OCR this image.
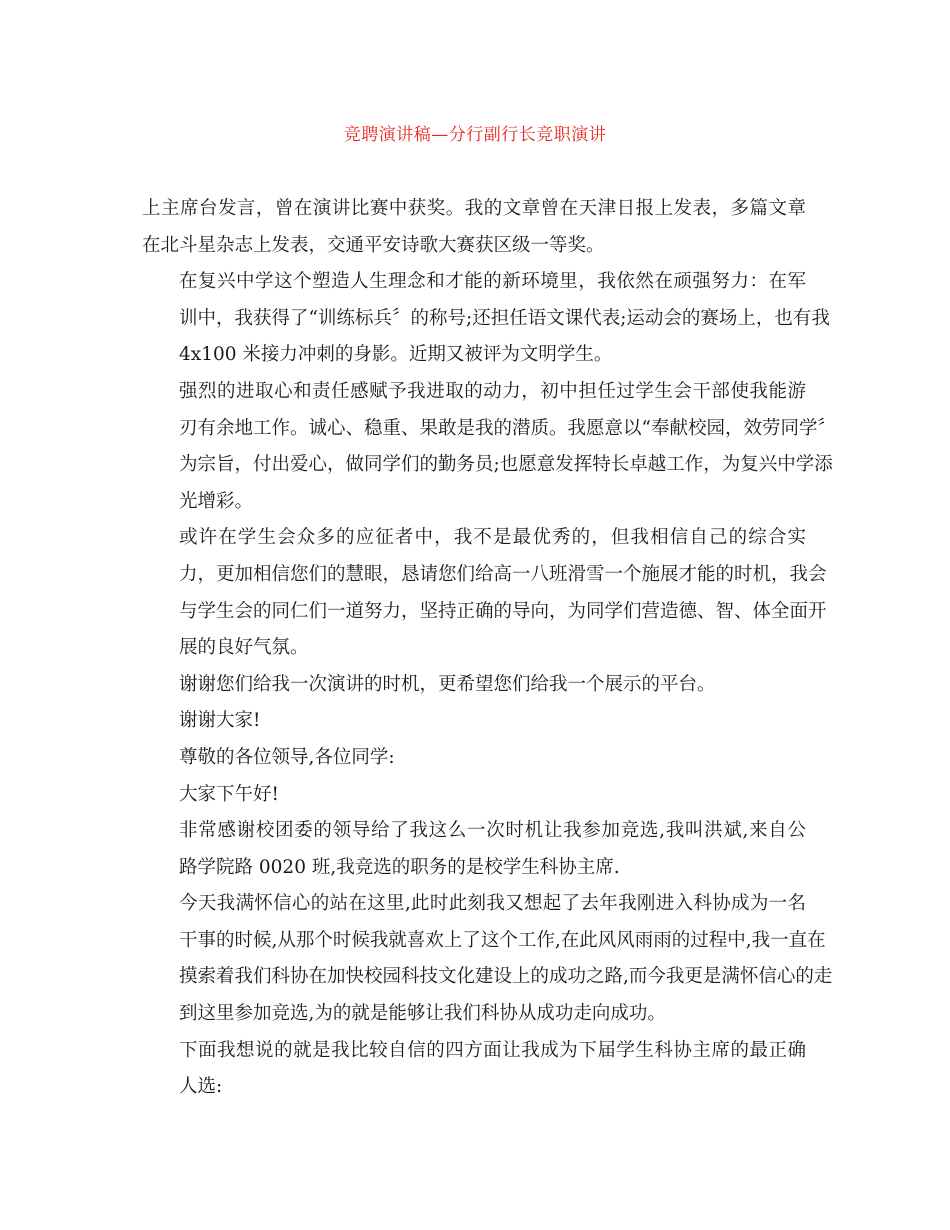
竞聘演讲稿—分行副行长竞职演讲

上主席台发言，曾在演讲比赛中获奖。我的文章曾在天津日报上发表，多篇文章
在北斗星杂志上发表，交通平安诗歌大赛获区级一等奖。

在复兴中学这个塑造人生理念和才能的新环境里，我依然在顽强努力：在军
训中，我获得了“训练标兵〞的称号;还担任语文课代表;运动会的赛场上，也有我
4x100 米接力冲刺的身影。近期又被评为文明学生。

强烈的进取心和责任感赋予我进取的动力，初中担任过学生会干部使我能游
刃有余地工作。诚心、稳重、果敢是我的潜质。我愿意以“奉献校园，效劳同学〞
为宗旨，付出爱心，做同学们的勤务员;也愿意发挥特长卓越工作，为复兴中学添
光增彩。

或许在学生会众多的应征者中，我不是最优秀的，但我相信自己的综合实
力，更加相信您们的慧眼，恳请您们给高一八班滑雪一个施展才能的时机，我会
与学生会的同仁们一道努力，坚持正确的导向，为同学们营造德、智、体全面开
展的良好气氛。

谢谢您们给我一次演讲的时机，更希望您们给我一个展示的平台。

谢谢大家!

尊敬的各位领导,各位同学:

大家下午好!

非常感谢校团委的领导给了我这么一次时机让我参加竞选,我叫洪斌,来自公
路学院路 0020 班,我竞选的职务的是校学生科协主席.

今天我满怀信心的站在这里,此时此刻我又想起了去年我刚进入科协成为一名
干事的时候,从那个时候我就喜欢上了这个工作,在此风风雨雨的过程中,我一直在
摸索着我们科协在加快校园科技文化建设上的成功之路,而今我更是满怀信心的走
到这里参加竞选,为的就是能够让我们科协从成功走向成功。

下面我想说的就是我比较自信的四方面让我成为下届学生科协主席的最正确
人选:
